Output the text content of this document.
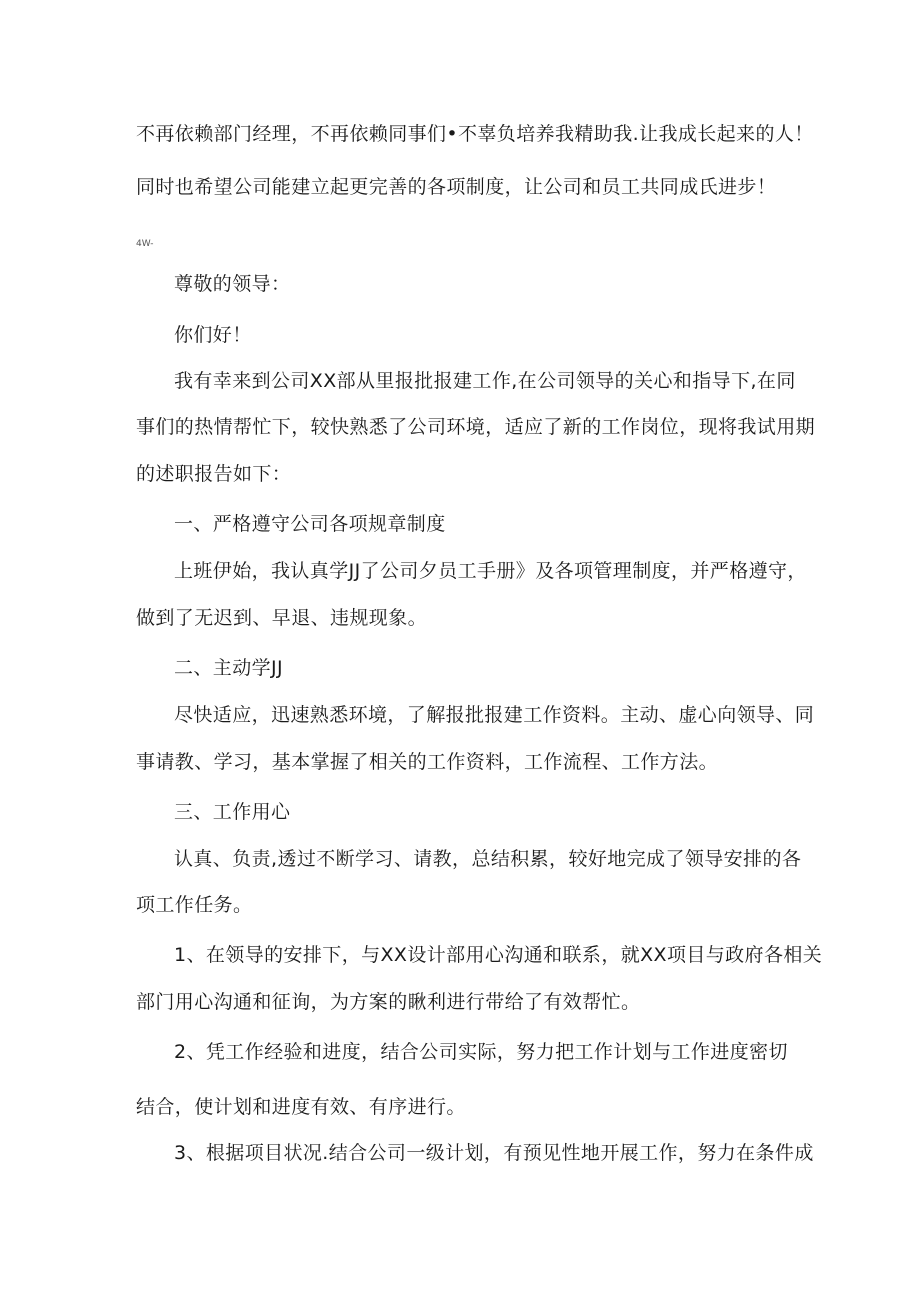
不再依赖部门经理，不再依赖同事们•不辜负培养我精助我.让我成长起来的人！
同时也希望公司能建立起更完善的各项制度，让公司和员工共同成氏进步！
4W-
尊敬的领导：
你们好！
我有幸来到公司XX部从里报批报建工作,在公司领导的关心和指导下,在同
事们的热情帮忙下，较快熟悉了公司环境，适应了新的工作岗位，现将我试用期
的述职报告如下：
一、严格遵守公司各项规章制度
上班伊始，我认真学JJ了公司夕员工手册》及各项管理制度，并严格遵守，
做到了无迟到、早退、违规现象。
二、主动学JJ
尽快适应，迅速熟悉环境，了解报批报建工作资料。主动、虚心向领导、同
事请教、学习，基本掌握了相关的工作资料，工作流程、工作方法。
三、工作用心
认真、负责,透过不断学习、请教，总结积累，较好地完成了领导安排的各
项工作任务。
1、在领导的安排下，与XX设计部用心沟通和联系，就XX项目与政府各相关
部门用心沟通和征询，为方案的瞅利进行带给了有效帮忙。
2、凭工作经验和进度，结合公司实际，努力把工作计划与工作进度密切
结合，使计划和进度有效、有序进行。
3、根据项目状况.结合公司一级计划，有预见性地开展工作，努力在条件成
